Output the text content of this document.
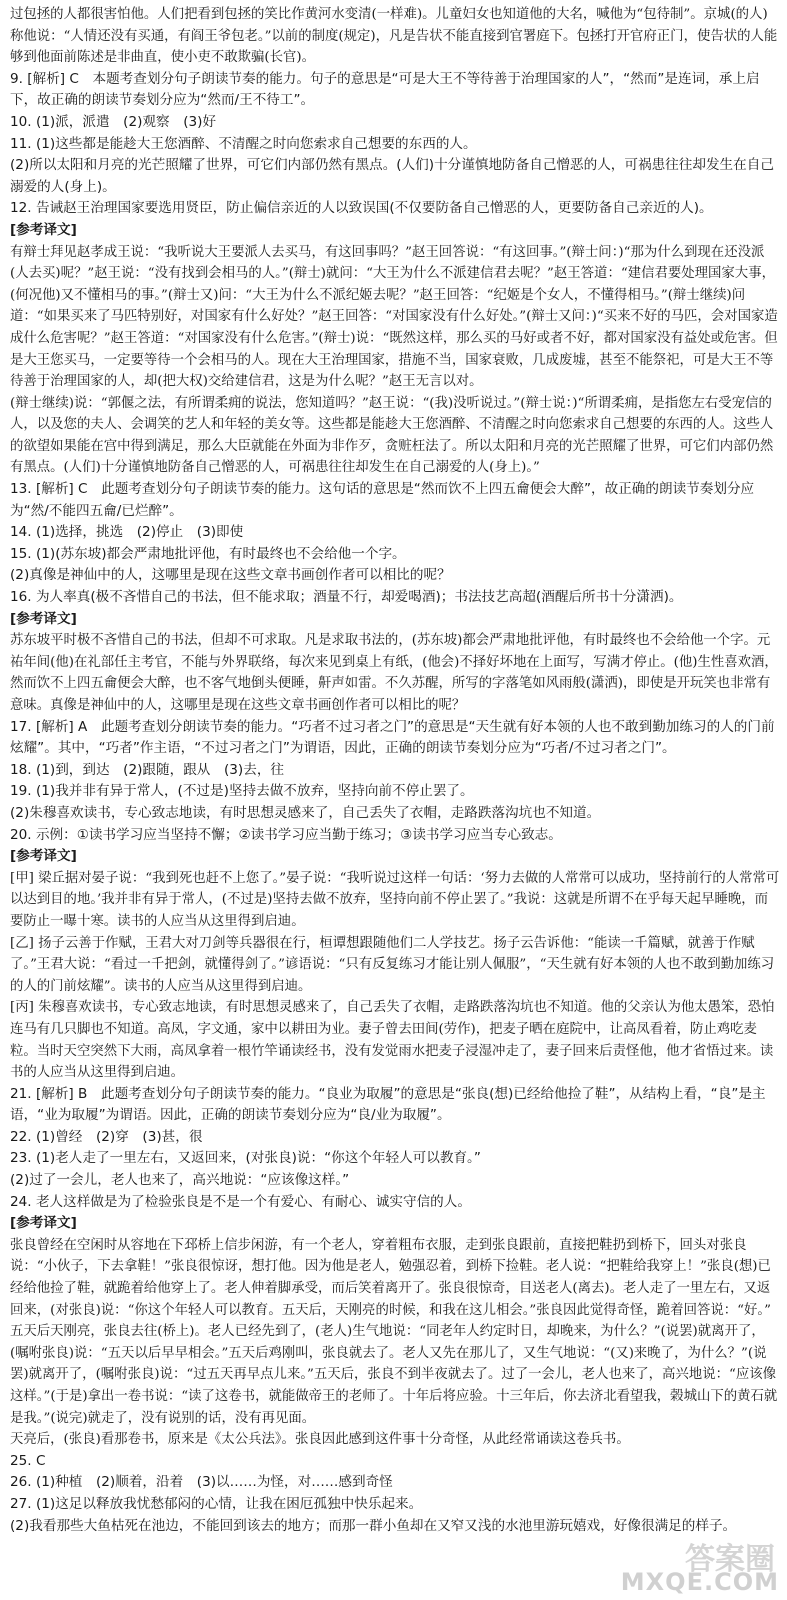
过包拯的人都很害怕他。人们把看到包拯的笑比作黄河水变清(一样难)。儿童妇女也知道他的大名，喊他为“包待制”。京城(的人)称他说：“人情还没有买通，有阎王爷包老。”以前的制度(规定)，凡是告状不能直接到官署庭下。包拯打开官府正门，使告状的人能够到他面前陈述是非曲直，使小吏不敢欺骗(长官)。
9. [解析] C　本题考查划分句子朗读节奏的能力。句子的意思是“可是大王不等待善于治理国家的人”，“然而”是连词，承上启下，故正确的朗读节奏划分应为“然而/王不待工”。
10. (1)派，派遣　(2)观察　(3)好
11. (1)这些都是能趁大王您酒醉、不清醒之时向您索求自己想要的东西的人。
(2)所以太阳和月亮的光芒照耀了世界，可它们内部仍然有黑点。(人们)十分谨慎地防备自己憎恶的人，可祸患往往却发生在自己溺爱的人(身上)。
12. 告诫赵王治理国家要选用贤臣，防止偏信亲近的人以致误国(不仅要防备自己憎恶的人，更要防备自己亲近的人)。
[参考译文]
有辩士拜见赵孝成王说：“我听说大王要派人去买马，有这回事吗？”赵王回答说：“有这回事。”(辩士问：)“那为什么到现在还没派(人去买)呢？”赵王说：“没有找到会相马的人。”(辩士)就问：“大王为什么不派建信君去呢？”赵王答道：“建信君要处理国家大事，(何况他)又不懂相马的事。”(辩士又)问：“大王为什么不派纪姬去呢？”赵王回答：“纪姬是个女人，不懂得相马。”(辩士继续)问道：“如果买来了马匹特别好，对国家有什么好处？”赵王回答：“对国家没有什么好处。”(辩士又问：)“买来不好的马匹，会对国家造成什么危害呢？”赵王答道：“对国家没有什么危害。”(辩士)说：“既然这样，那么买的马好或者不好，都对国家没有益处或危害。但是大王您买马，一定要等待一个会相马的人。现在大王治理国家，措施不当，国家衰败，几成废墟，甚至不能祭祀，可是大王不等待善于治理国家的人，却(把大权)交给建信君，这是为什么呢？”赵王无言以对。
(辩士继续)说：“郭偃之法，有所谓柔痈的说法，您知道吗？”赵王说：“(我)没听说过。”(辩士说：)“所谓柔痈，是指您左右受宠信的人，以及您的夫人、会调笑的艺人和年轻的美女等。这些都是能趁大王您酒醉、不清醒之时向您索求自己想要的东西的人。这些人的欲望如果能在宫中得到满足，那么大臣就能在外面为非作歹，贪赃枉法了。所以太阳和月亮的光芒照耀了世界，可它们内部仍然有黑点。(人们)十分谨慎地防备自己憎恶的人，可祸患往往却发生在自己溺爱的人(身上)。”
13. [解析] C　此题考查划分句子朗读节奏的能力。这句话的意思是“然而饮不上四五龠便会大醉”，故正确的朗读节奏划分应为“然/不能四五龠/已烂醉”。
14. (1)选择，挑选　(2)停止　(3)即使
15. (1)(苏东坡)都会严肃地批评他，有时最终也不会给他一个字。
(2)真像是神仙中的人，这哪里是现在这些文章书画创作者可以相比的呢？
16. 为人率真(极不吝惜自己的书法，但不能求取；酒量不行，却爱喝酒)；书法技艺高超(酒醒后所书十分潇洒)。
[参考译文]
苏东坡平时极不吝惜自己的书法，但却不可求取。凡是求取书法的，(苏东坡)都会严肃地批评他，有时最终也不会给他一个字。元祐年间(他)在礼部任主考官，不能与外界联络，每次来见到桌上有纸，(他会)不择好坏地在上面写，写满才停止。(他)生性喜欢酒，然而饮不上四五龠便会大醉，也不客气地倒头便睡，鼾声如雷。不久苏醒，所写的字落笔如风雨般(潇洒)，即使是开玩笑也非常有意味。真像是神仙中的人，这哪里是现在这些文章书画创作者可以相比的呢？
17. [解析] A　此题考查划分朗读节奏的能力。“巧者不过习者之门”的意思是“天生就有好本领的人也不敢到勤加练习的人的门前炫耀”。其中，“巧者”作主语，“不过习者之门”为谓语，因此，正确的朗读节奏划分应为“巧者/不过习者之门”。
18. (1)到，到达　(2)跟随，跟从　(3)去，往
19. (1)我并非有异于常人，(不过是)坚持去做不放弃，坚持向前不停止罢了。
(2)朱穆喜欢读书，专心致志地读，有时思想灵感来了，自己丢失了衣帽，走路跌落沟坑也不知道。
20. 示例：①读书学习应当坚持不懈；②读书学习应当勤于练习；③读书学习应当专心致志。
[参考译文]
[甲] 梁丘据对晏子说：“我到死也赶不上您了。”晏子说：“我听说过这样一句话：‘努力去做的人常常可以成功，坚持前行的人常常可以达到目的地。’我并非有异于常人，(不过是)坚持去做不放弃，坚持向前不停止罢了。”我说：这就是所谓不在乎每天起早睡晚，而要防止一曝十寒。读书的人应当从这里得到启迪。
[乙] 扬子云善于作赋，王君大对刀剑等兵器很在行，桓谭想跟随他们二人学技艺。扬子云告诉他：“能读一千篇赋，就善于作赋了。”王君大说：“看过一千把剑，就懂得剑了。”谚语说：“只有反复练习才能让别人佩服”，“天生就有好本领的人也不敢到勤加练习的人的门前炫耀”。读书的人应当从这里得到启迪。
[丙] 朱穆喜欢读书，专心致志地读，有时思想灵感来了，自己丢失了衣帽，走路跌落沟坑也不知道。他的父亲认为他太愚笨，恐怕连马有几只脚也不知道。高凤，字文通，家中以耕田为业。妻子曾去田间(劳作)，把麦子晒在庭院中，让高凤看着，防止鸡吃麦粒。当时天空突然下大雨，高凤拿着一根竹竿诵读经书，没有发觉雨水把麦子浸湿冲走了，妻子回来后责怪他，他才省悟过来。读书的人应当从这里得到启迪。
21. [解析] B　此题考查划分句子朗读节奏的能力。“良业为取履”的意思是“张良(想)已经给他捡了鞋”，从结构上看，“良”是主语，“业为取履”为谓语。因此，正确的朗读节奏划分应为“良/业为取履”。
22. (1)曾经　(2)穿　(3)甚，很
23. (1)老人走了一里左右，又返回来，(对张良)说：“你这个年轻人可以教育。”
(2)过了一会儿，老人也来了，高兴地说：“应该像这样。”
24. 老人这样做是为了检验张良是不是一个有爱心、有耐心、诚实守信的人。
[参考译文]
张良曾经在空闲时从容地在下邳桥上信步闲游，有一个老人，穿着粗布衣服，走到张良跟前，直接把鞋扔到桥下，回头对张良说：“小伙子，下去拿鞋！”张良很惊讶，想打他。因为他是老人，勉强忍着，到桥下捡鞋。老人说：“把鞋给我穿上！”张良(想)已经给他捡了鞋，就跪着给他穿上了。老人伸着脚承受，而后笑着离开了。张良很惊奇，目送老人(离去)。老人走了一里左右，又返回来，(对张良)说：“你这个年轻人可以教育。五天后，天刚亮的时候，和我在这儿相会。”张良因此觉得奇怪，跪着回答说：“好。”
五天后天刚亮，张良去往(桥上)。老人已经先到了，(老人)生气地说：“同老年人约定时日，却晚来，为什么？”(说罢)就离开了，(嘱咐张良)说：“五天以后早早相会。”五天后鸡刚叫，张良就去了。老人又先在那儿了，又生气地说：“(又)来晚了，为什么？”(说罢)就离开了，(嘱咐张良)说：“过五天再早点儿来。”五天后，张良不到半夜就去了。过了一会儿，老人也来了，高兴地说：“应该像这样。”(于是)拿出一卷书说：“读了这卷书，就能做帝王的老师了。十年后将应验。十三年后，你去济北看望我，榖城山下的黄石就是我。”(说完)就走了，没有说别的话，没有再见面。
天亮后，(张良)看那卷书，原来是《太公兵法》。张良因此感到这件事十分奇怪，从此经常诵读这卷兵书。
25. C
26. (1)种植　(2)顺着，沿着　(3)以……为怪，对……感到奇怪
27. (1)这足以释放我忧愁郁闷的心情，让我在困厄孤独中快乐起来。
(2)我看那些大鱼枯死在池边，不能回到该去的地方；而那一群小鱼却在又窄又浅的水池里游玩嬉戏，好像很满足的样子。
答案圈
MXQE.COM
